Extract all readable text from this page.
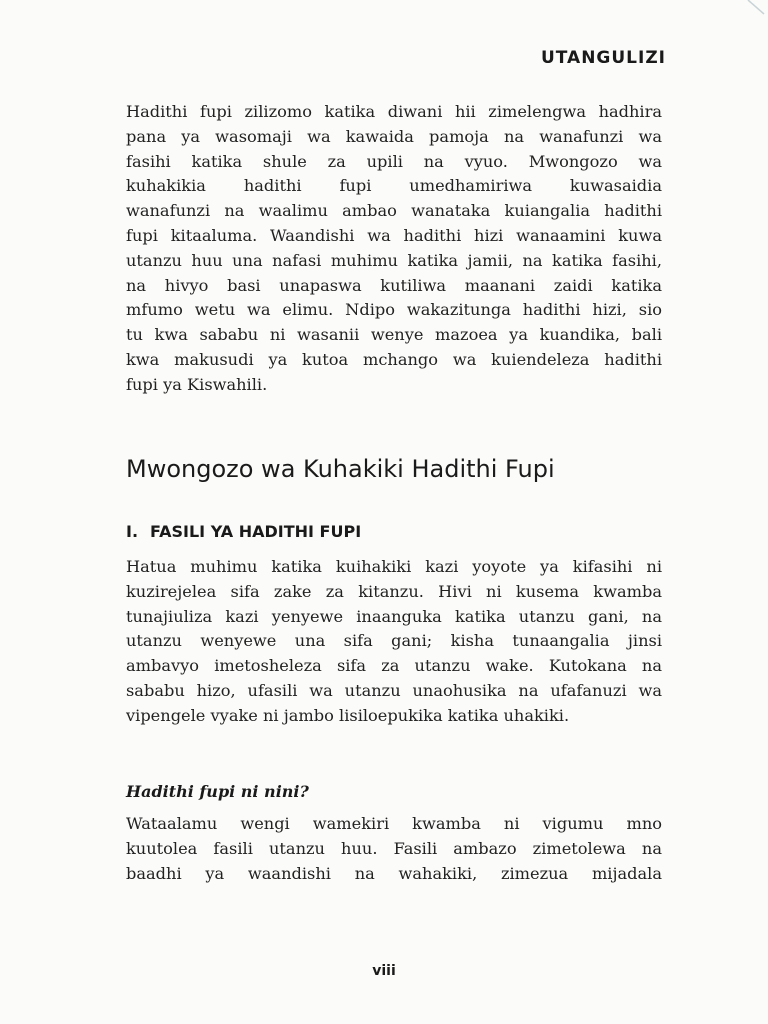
UTANGULIZI

Hadithi fupi zilizomo katika diwani hii zimelengwa hadhira
pana ya wasomaji wa kawaida pamoja na wanafunzi wa
fasihi katika shule za upili na vyuo. Mwongozo wa
kuhakikia hadithi fupi umedhamiriwa kuwasaidia
wanafunzi na waalimu ambao wanataka kuiangalia hadithi
fupi kitaaluma. Waandishi wa hadithi hizi wanaamini kuwa
utanzu huu una nafasi muhimu katika jamii, na katika fasihi,
na hivyo basi unapaswa kutiliwa maanani zaidi katika
mfumo wetu wa elimu. Ndipo wakazitunga hadithi hizi, sio
tu kwa sababu ni wasanii wenye mazoea ya kuandika, bali
kwa makusudi ya kutoa mchango wa kuiendeleza hadithi
fupi ya Kiswahili.

Mwongozo wa Kuhakiki Hadithi Fupi
I. FASILI YA HADITHI FUPI

Hatua muhimu katika kuihakiki kazi yoyote ya kifasihi ni
kuzirejelea sifa zake za kitanzu. Hivi ni kusema kwamba
tunajiuliza kazi yenyewe inaanguka katika utanzu gani, na
utanzu wenyewe una sifa gani; kisha tunaangalia jinsi
ambavyo imetosheleza sifa za utanzu wake. Kutokana na
sababu hizo, ufasili wa utanzu unaohusika na ufafanuzi wa
vipengele vyake ni jambo lisiloepukika katika uhakiki.

Hadithi fupi ni nini?

Wataalamu wengi wamekiri kwamba ni vigumu mno
kuutolea fasili utanzu huu. Fasili ambazo zimetolewa na
baadhi ya waandishi na wahakiki, zimezua mijadala

viii
